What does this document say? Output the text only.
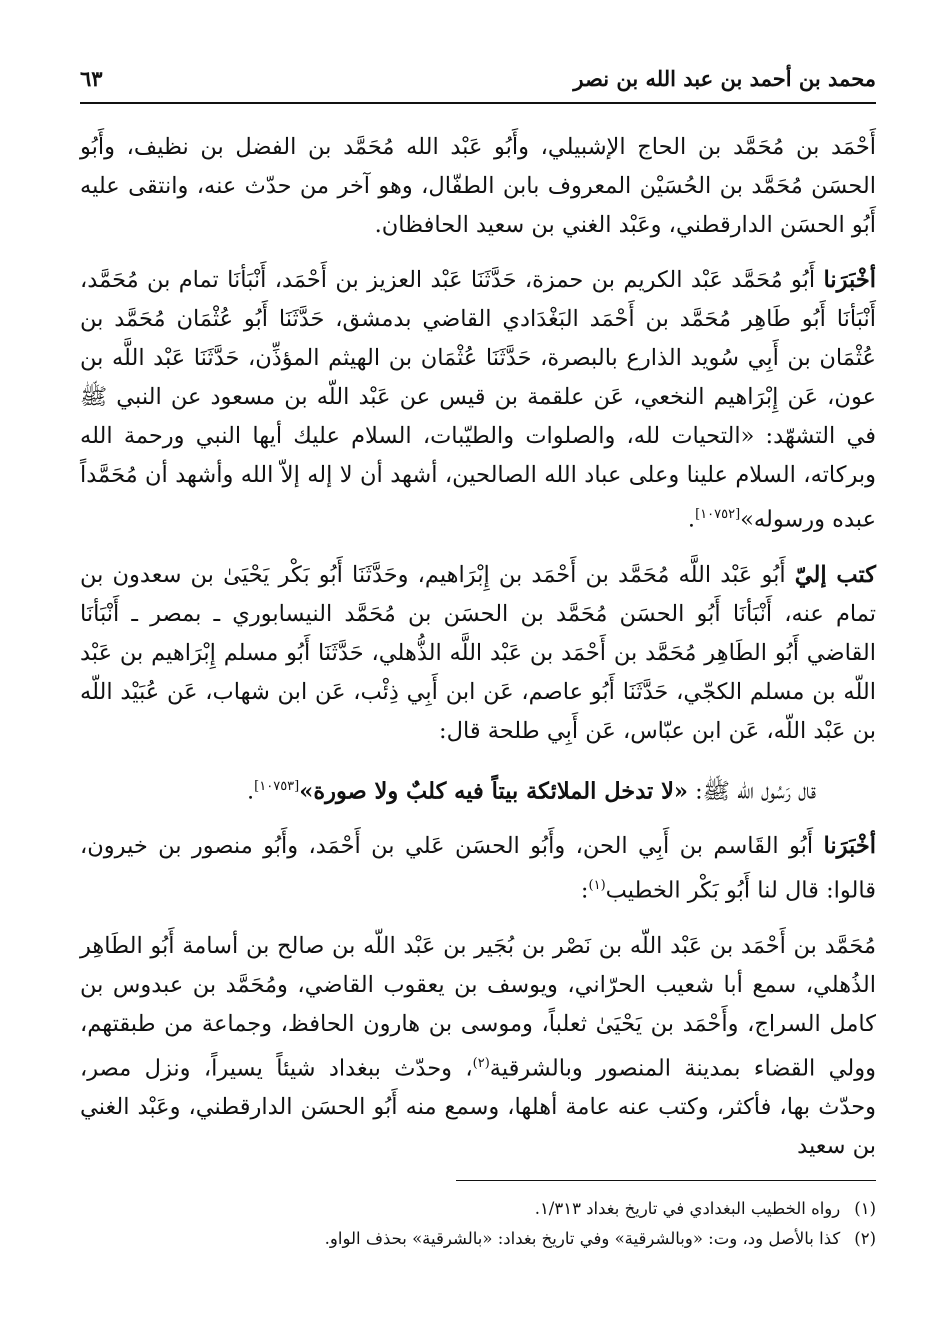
محمد بن أحمد بن عبد الله بن نصر
٦٣

أَحْمَد بن مُحَمَّد بن الحاج الإشبيلي، وأَبُو عَبْد الله مُحَمَّد بن الفضل بن نظيف، وأَبُو الحسَن مُحَمَّد بن الحُسَيْن المعروف بابن الطفّال، وهو آخر من حدّث عنه، وانتقى عليه أَبُو الحسَن الدارقطني، وعَبْد الغني بن سعيد الحافظان.

أخْبَرَنا أَبُو مُحَمَّد عَبْد الكريم بن حمزة، حَدَّثَنَا عَبْد العزيز بن أَحْمَد، أَنْبَأنَا تمام بن مُحَمَّد، أَنْبَأنَا أَبُو طَاهِر مُحَمَّد بن أَحْمَد البَغْدَادي القاضي بدمشق، حَدَّثَنَا أَبُو عُثْمَان مُحَمَّد بن عُثْمَان بن أَبِي سُويد الذارع بالبصرة، حَدَّثَنَا عُثْمَان بن الهيثم المؤذِّن، حَدَّثَنَا عَبْد اللَّه بن عون، عَن إِبْرَاهيم النخعي، عَن علقمة بن قيس عن عَبْد اللّه بن مسعود عن النبي ﷺ في التشهّد: «التحيات لله، والصلوات والطيّبات، السلام عليك أيها النبي ورحمة الله وبركاته، السلام علينا وعلى عباد الله الصالحين، أشهد أن لا إله إلاّ الله وأشهد أن مُحَمَّداً عبده ورسوله»[١٠٧٥٢].

كتب إليّ أَبُو عَبْد اللَّه مُحَمَّد بن أَحْمَد بن إِبْرَاهيم، وحَدَّثَنَا أَبُو بَكْر يَحْيَىٰ بن سعدون بن تمام عنه، أَنْبَأنَا أَبُو الحسَن مُحَمَّد بن الحسَن بن مُحَمَّد النيسابوري ـ بمصر ـ أَنْبَأنَا القاضي أَبُو الطَاهِر مُحَمَّد بن أَحْمَد بن عَبْد اللَّه الذُّهلي، حَدَّثَنَا أَبُو مسلم إِبْرَاهيم بن عَبْد اللّه بن مسلم الكجّي، حَدَّثَنَا أَبُو عاصم، عَن ابن أَبِي ذِئْب، عَن ابن شهاب، عَن عُبَيْد اللّه بن عَبْد اللّه، عَن ابن عبّاس، عَن أَبِي طلحة قال:

قال رَسُول الله ﷺ: «لا تدخل الملائكة بيتاً فيه كلبٌ ولا صورة»[١٠٧٥٣].

أخْبَرَنا أَبُو القَاسم بن أَبِي الحن، وأَبُو الحسَن عَلي بن أَحْمَد، وأَبُو منصور بن خيرون، قالوا: قال لنا أَبُو بَكْر الخطيب$^{(١)}$:

مُحَمَّد بن أَحْمَد بن عَبْد اللّه بن نَصْر بن بُجَير بن عَبْد اللّه بن صالح بن أسامة أَبُو الطَاهِر الذُهلي، سمع أبا شعيب الحرّاني، ويوسف بن يعقوب القاضي، ومُحَمَّد بن عبدوس بن كامل السراج، وأَحْمَد بن يَحْيَىٰ ثعلباً، وموسى بن هارون الحافظ، وجماعة من طبقتهم، وولي القضاء بمدينة المنصور وبالشرقية$^{(٢)}$، وحدّث ببغداد شيئاً يسيراً، ونزل مصر، وحدّث بها، فأكثر، وكتب عنه عامة أهلها، وسمع منه أَبُو الحسَن الدارقطني، وعَبْد الغني بن سعيد

(١)
رواه الخطيب البغدادي في تاريخ بغداد ١/٣١٣.
(٢)
كذا بالأصل ود، وت: «وبالشرقية» وفي تاريخ بغداد: «بالشرقية» بحذف الواو.
